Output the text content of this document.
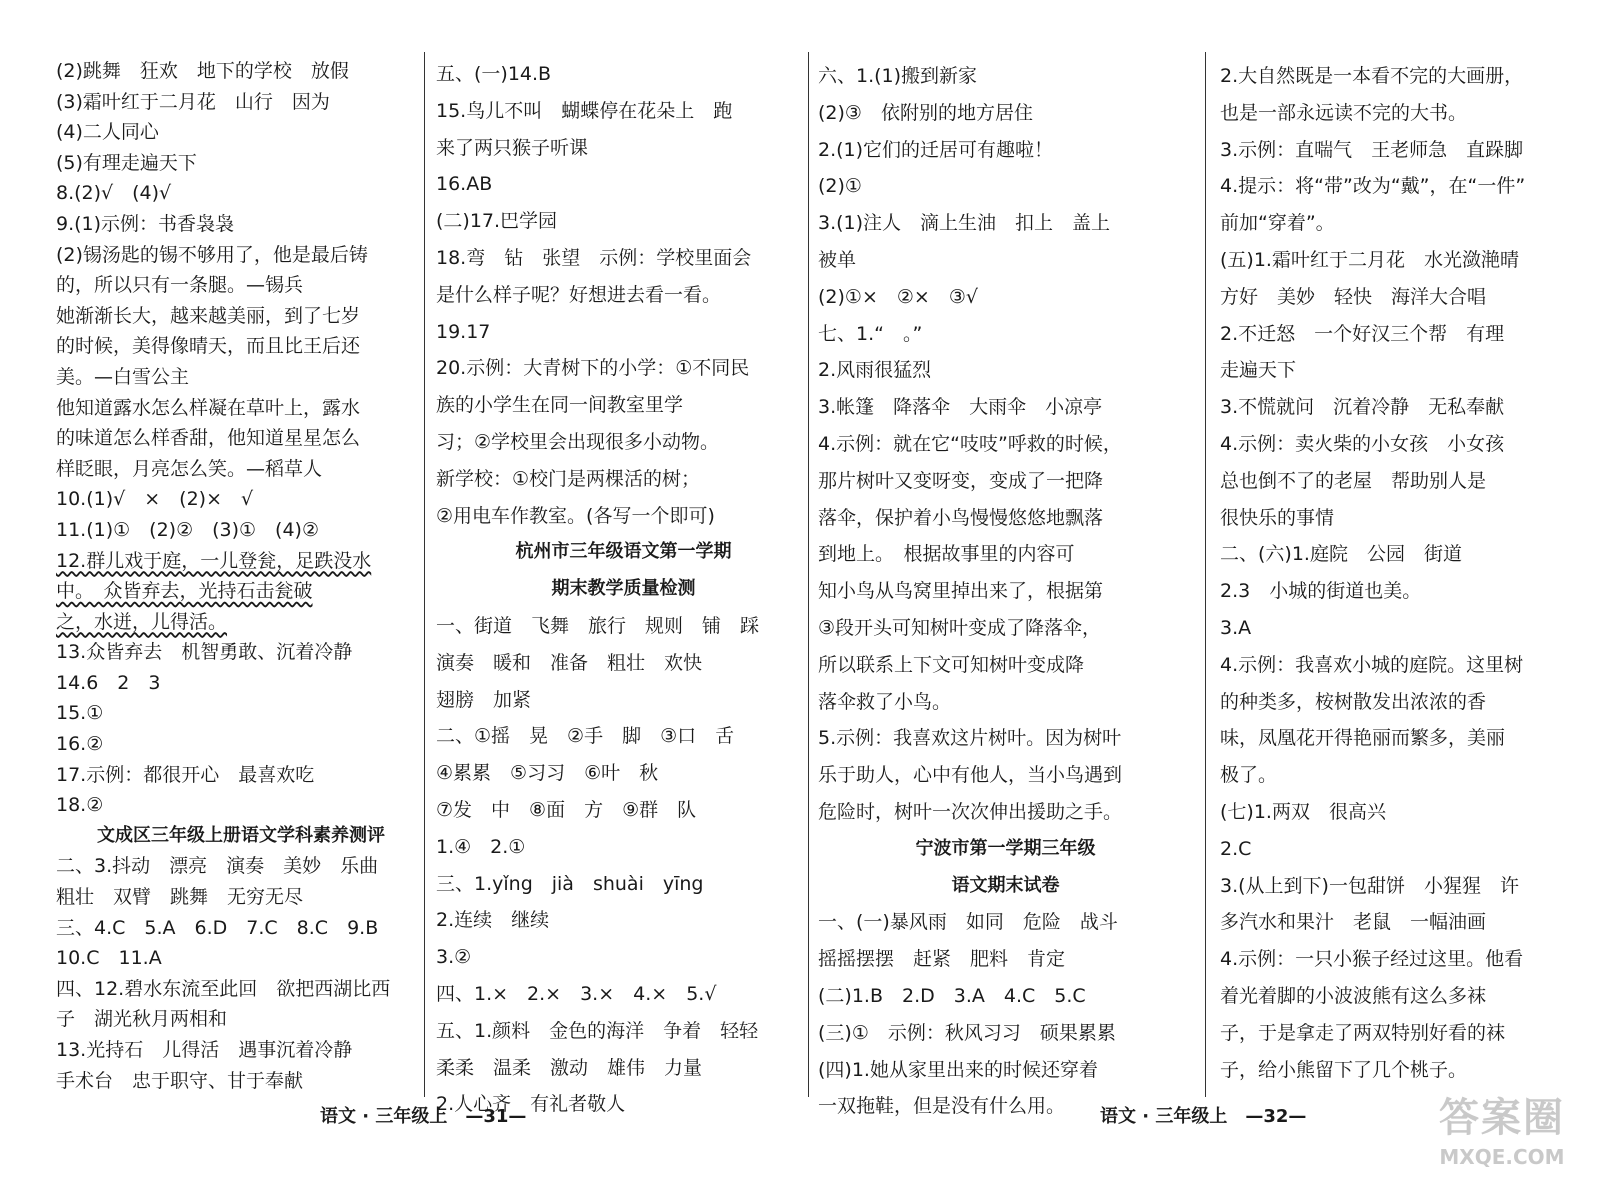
(2)跳舞　狂欢　地下的学校　放假
(3)霜叶红于二月花　山行　因为
(4)二人同心
(5)有理走遍天下
8.(2)√　(4)√
9.(1)示例：书香袅袅
(2)锡汤匙的锡不够用了，他是最后铸
的，所以只有一条腿。—锡兵
她渐渐长大，越来越美丽，到了七岁
的时候，美得像晴天，而且比王后还
美。—白雪公主
他知道露水怎么样凝在草叶上，露水
的味道怎么样香甜，他知道星星怎么
样眨眼，月亮怎么笑。—稻草人
10.(1)√　×　(2)×　√
11.(1)①　(2)②　(3)①　(4)②
12.群儿戏于庭，一儿登瓮，足跌没水
中。　众皆弃去，光持石击瓮破
之，水迸，儿得活。
13.众皆弃去　机智勇敢、沉着冷静
14.6　2　3
15.①
16.②
17.示例：都很开心　最喜欢吃
18.②
文成区三年级上册语文学科素养测评
二、3.抖动　漂亮　演奏　美妙　乐曲
粗壮　双臂　跳舞　无穷无尽
三、4.C　5.A　6.D　7.C　8.C　9.B
10.C　11.A
四、12.碧水东流至此回　欲把西湖比西
子　湖光秋月两相和
13.光持石　儿得活　遇事沉着冷静
手术台　忠于职守、甘于奉献
五、(一)14.B
15.鸟儿不叫　蝴蝶停在花朵上　跑
来了两只猴子听课
16.AB
(二)17.巴学园
18.弯　钻　张望　示例：学校里面会
是什么样子呢？好想进去看一看。
19.17
20.示例：大青树下的小学：①不同民
族的小学生在同一间教室里学
习；②学校里会出现很多小动物。
新学校：①校门是两棵活的树；
②用电车作教室。(各写一个即可)
杭州市三年级语文第一学期
期末教学质量检测
一、街道　飞舞　旅行　规则　铺　踩
演奏　暖和　准备　粗壮　欢快
翅膀　加紧
二、①摇　晃　②手　脚　③口　舌
④累累　⑤习习　⑥叶　秋
⑦发　中　⑧面　方　⑨群　队
1.④　2.①
三、1.yǐng　jià　shuài　yīng
2.连续　继续
3.②
四、1.×　2.×　3.×　4.×　5.√
五、1.颜料　金色的海洋　争着　轻轻
柔柔　温柔　激动　雄伟　力量
2.人心齐　有礼者敬人
六、1.(1)搬到新家
(2)③　依附别的地方居住
2.(1)它们的迁居可有趣啦！
(2)①
3.(1)注人　滴上生油　扣上　盖上
被单
(2)①×　②×　③√
七、1.“　。”
2.风雨很猛烈
3.帐篷　降落伞　大雨伞　小凉亭
4.示例：就在它“吱吱”呼救的时候，
那片树叶又变呀变，变成了一把降
落伞，保护着小鸟慢慢悠悠地飘落
到地上。　根据故事里的内容可
知小鸟从鸟窝里掉出来了，根据第
③段开头可知树叶变成了降落伞，
所以联系上下文可知树叶变成降
落伞救了小鸟。
5.示例：我喜欢这片树叶。因为树叶
乐于助人，心中有他人，当小鸟遇到
危险时，树叶一次次伸出援助之手。
宁波市第一学期三年级
语文期末试卷
一、(一)暴风雨　如同　危险　战斗
摇摇摆摆　赶紧　肥料　肯定
(二)1.B　2.D　3.A　4.C　5.C
(三)①　示例：秋风习习　硕果累累
(四)1.她从家里出来的时候还穿着
一双拖鞋，但是没有什么用。
2.大自然既是一本看不完的大画册，
也是一部永远读不完的大书。
3.示例：直喘气　王老师急　直跺脚
4.提示：将“带”改为“戴”，在“一件”
前加“穿着”。
(五)1.霜叶红于二月花　水光潋滟晴
方好　美妙　轻快　海洋大合唱
2.不迁怒　一个好汉三个帮　有理
走遍天下
3.不慌就问　沉着冷静　无私奉献
4.示例：卖火柴的小女孩　小女孩
总也倒不了的老屋　帮助别人是
很快乐的事情
二、(六)1.庭院　公园　街道
2.3　小城的街道也美。
3.A
4.示例：我喜欢小城的庭院。这里树
的种类多，桉树散发出浓浓的香
味，凤凰花开得艳丽而繁多，美丽
极了。
(七)1.两双　很高兴
2.C
3.(从上到下)一包甜饼　小猩猩　许
多汽水和果汁　老鼠　一幅油画
4.示例：一只小猴子经过这里。他看
着光着脚的小波波熊有这么多袜
子，于是拿走了两双特别好看的袜
子，给小熊留下了几个桃子。
语文 · 三年级上　—31—	语文 · 三年级上　—32—	答案圈
MXQE.COM
